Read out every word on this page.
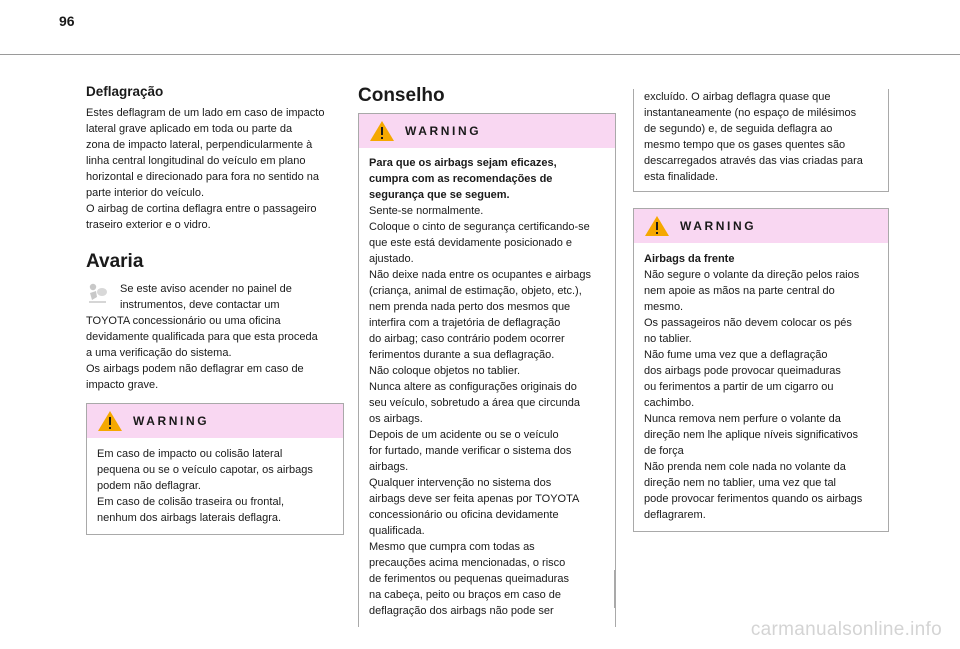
96
Deflagração
Estes deflagram de um lado em caso de impacto
lateral grave aplicado em toda ou parte da
zona de impacto lateral, perpendicularmente à
linha central longitudinal do veículo em plano
horizontal e direcionado para fora no sentido na
parte interior do veículo.
O airbag de cortina deflagra entre o passageiro
traseiro exterior e o vidro.
Avaria
Se este aviso acender no painel de
instrumentos, deve contactar um
TOYOTA concessionário ou uma oficina
devidamente qualificada para que esta proceda
a uma verificação do sistema.
Os airbags podem não deflagrar em caso de
impacto grave.
WARNING
Em caso de impacto ou colisão lateral
pequena ou se o veículo capotar, os airbags
podem não deflagrar.
Em caso de colisão traseira ou frontal,
nenhum dos airbags laterais deflagra.
Conselho
WARNING
Para que os airbags sejam eficazes,
cumpra com as recomendações de
segurança que se seguem.
Sente-se normalmente.
Coloque o cinto de segurança certificando-se
que este está devidamente posicionado e
ajustado.
Não deixe nada entre os ocupantes e airbags
(criança, animal de estimação, objeto, etc.),
nem prenda nada perto dos mesmos que
interfira com a trajetória de deflagração
do airbag; caso contrário podem ocorrer
ferimentos durante a sua deflagração.
Não coloque objetos no tablier.
Nunca altere as configurações originais do
seu veículo, sobretudo a área que circunda
os airbags.
Depois de um acidente ou se o veículo
for furtado, mande verificar o sistema dos
airbags.
Qualquer intervenção no sistema dos
airbags deve ser feita apenas por TOYOTA
concessionário ou oficina devidamente
qualificada.
Mesmo que cumpra com todas as
precauções acima mencionadas, o risco
de ferimentos ou pequenas queimaduras
na cabeça, peito ou braços em caso de
deflagração dos airbags não pode ser
excluído. O airbag deflagra quase que
instantaneamente (no espaço de milésimos
de segundo) e, de seguida deflagra ao
mesmo tempo que os gases quentes são
descarregados através das vias criadas para
esta finalidade.
WARNING
Airbags da frente
Não segure o volante da direção pelos raios
nem apoie as mãos na parte central do
mesmo.
Os passageiros não devem colocar os pés
no tablier.
Não fume uma vez que a deflagração
dos airbags pode provocar queimaduras
ou ferimentos a partir de um cigarro ou
cachimbo.
Nunca remova nem perfure o volante da
direção nem lhe aplique níveis significativos
de força
Não prenda nem cole nada no volante da
direção nem no tablier, uma vez que tal
pode provocar ferimentos quando os airbags
deflagrarem.
carmanualsonline.info
